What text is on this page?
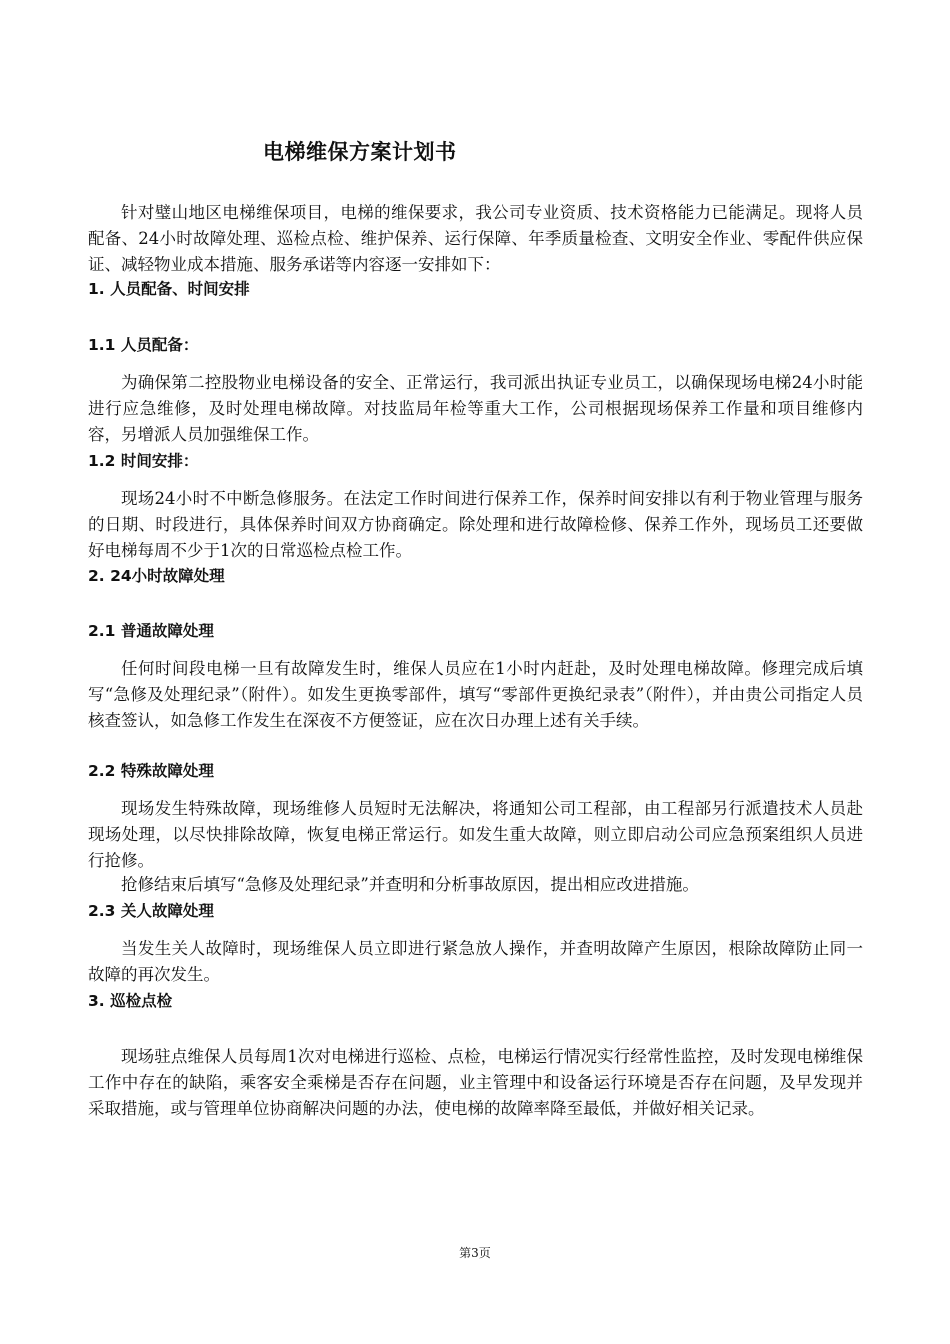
电梯维保方案计划书

针对璧山地区电梯维保项目，电梯的维保要求，我公司专业资质、技术资格能力已能满足。现将人员配备、24小时故障处理、巡检点检、维护保养、运行保障、年季质量检查、文明安全作业、零配件供应保证、减轻物业成本措施、服务承诺等内容逐一安排如下：

1. 人员配备、时间安排
1.1 人员配备：

为确保第二控股物业电梯设备的安全、正常运行，我司派出执证专业员工，以确保现场电梯24小时能进行应急维修，及时处理电梯故障。对技监局年检等重大工作，公司根据现场保养工作量和项目维修内容，另增派人员加强维保工作。

1.2 时间安排：

现场24小时不中断急修服务。在法定工作时间进行保养工作，保养时间安排以有利于物业管理与服务的日期、时段进行，具体保养时间双方协商确定。除处理和进行故障检修、保养工作外，现场员工还要做好电梯每周不少于1次的日常巡检点检工作。

2. 24小时故障处理
2.1 普通故障处理

任何时间段电梯一旦有故障发生时，维保人员应在1小时内赶赴，及时处理电梯故障。修理完成后填写“急修及处理纪录”（附件）。如发生更换零部件，填写“零部件更换纪录表”（附件），并由贵公司指定人员核查签认，如急修工作发生在深夜不方便签证，应在次日办理上述有关手续。

2.2 特殊故障处理

现场发生特殊故障，现场维修人员短时无法解决，将通知公司工程部，由工程部另行派遣技术人员赴现场处理，以尽快排除故障，恢复电梯正常运行。如发生重大故障，则立即启动公司应急预案组织人员进行抢修。

抢修结束后填写“急修及处理纪录”并查明和分析事故原因，提出相应改进措施。

2.3 关人故障处理

当发生关人故障时，现场维保人员立即进行紧急放人操作，并查明故障产生原因，根除故障防止同一故障的再次发生。

3. 巡检点检

现场驻点维保人员每周1次对电梯进行巡检、点检，电梯运行情况实行经常性监控，及时发现电梯维保工作中存在的缺陷，乘客安全乘梯是否存在问题，业主管理中和设备运行环境是否存在问题，及早发现并采取措施，或与管理单位协商解决问题的办法，使电梯的故障率降至最低，并做好相关记录。

第3页
